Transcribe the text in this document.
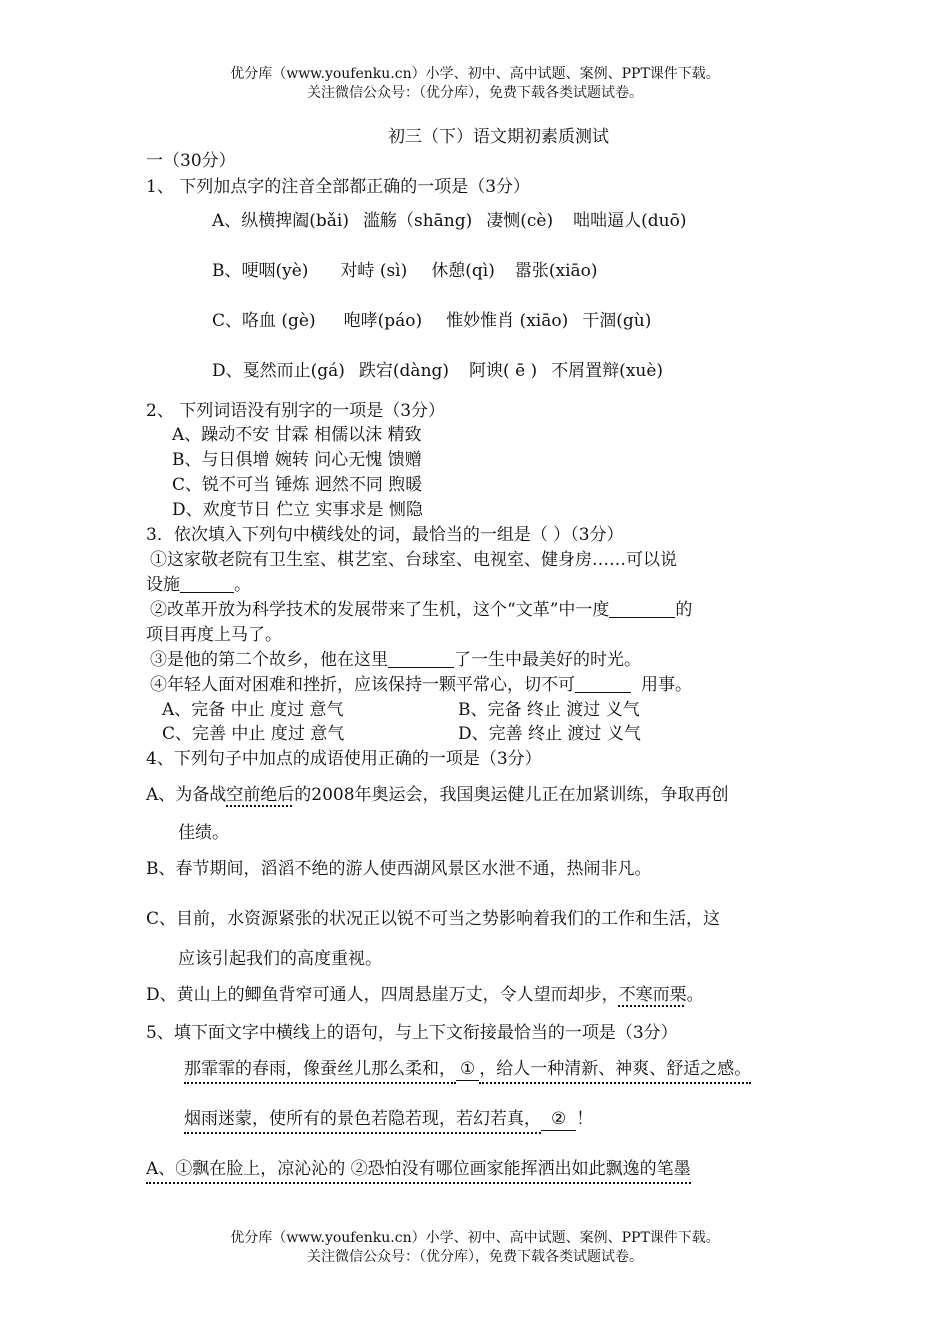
优分库（www.youfenku.cn）小学、初中、高中试题、案例、PPT课件下载。
关注微信公众号：（优分库），免费下载各类试题试卷。
初三（下）语文期初素质测试
一（30分）
1、 下列加点字的注音全部都正确的一项是（3分）
A、纵横捭阖(bǎi) 滥觞（shāng) 凄恻(cè) 咄咄逼人(duō)
B、哽咽(yè) 对峙 (sì) 休憩(qì) 嚣张(xiāo)
C、咯血 (gè) 咆哮(páo) 惟妙惟肖 (xiāo) 干涸(gù)
D、戛然而止(gá) 跌宕(dàng) 阿谀( ē ) 不屑置辩(xuè)
2、 下列词语没有别字的一项是（3分）
A、躁动不安 甘霖 相儒以沫 精致
B、与日俱增 婉转 问心无愧 馈赠
C、锐不可当 锤炼 迥然不同 煦暖
D、欢度节日 伫立 实事求是 恻隐
3．依次填入下列句中横线处的词，最恰当的一组是（ ）（3分）
①这家敬老院有卫生室、棋艺室、台球室、电视室、健身房……可以说
设施	。
②改革开放为科学技术的发展带来了生机，这个“文革”中一度	的
项目再度上马了。
③是他的第二个故乡，他在这里	了一生中最美好的时光。
④年轻人面对困难和挫折，应该保持一颗平常心，切不可	用事。
A、完备 中止 度过 意气	B、完备 终止 渡过 义气
C、完善 中止 度过 意气	D、完善 终止 渡过 义气
4、下列句子中加点的成语使用正确的一项是（3分）
A、为备战空前绝后的2008年奥运会，我国奥运健儿正在加紧训练，争取再创
佳绩。
B、春节期间，滔滔不绝的游人使西湖风景区水泄不通，热闹非凡。
C、目前，水资源紧张的状况正以锐不可当之势影响着我们的工作和生活，这
应该引起我们的高度重视。
D、黄山上的鲫鱼背窄可通人，四周悬崖万丈，令人望而却步，不寒而栗。
5、填下面文字中横线上的语句，与上下文衔接最恰当的一项是（3分）
那霏霏的春雨，像蚕丝儿那么柔和， ① ，给人一种清新、神爽、舒适之感。
烟雨迷蒙，使所有的景色若隐若现，若幻若真， ② ！
A、①飘在脸上，凉沁沁的 ②恐怕没有哪位画家能挥洒出如此飘逸的笔墨
优分库（www.youfenku.cn）小学、初中、高中试题、案例、PPT课件下载。
关注微信公众号：（优分库），免费下载各类试题试卷。
